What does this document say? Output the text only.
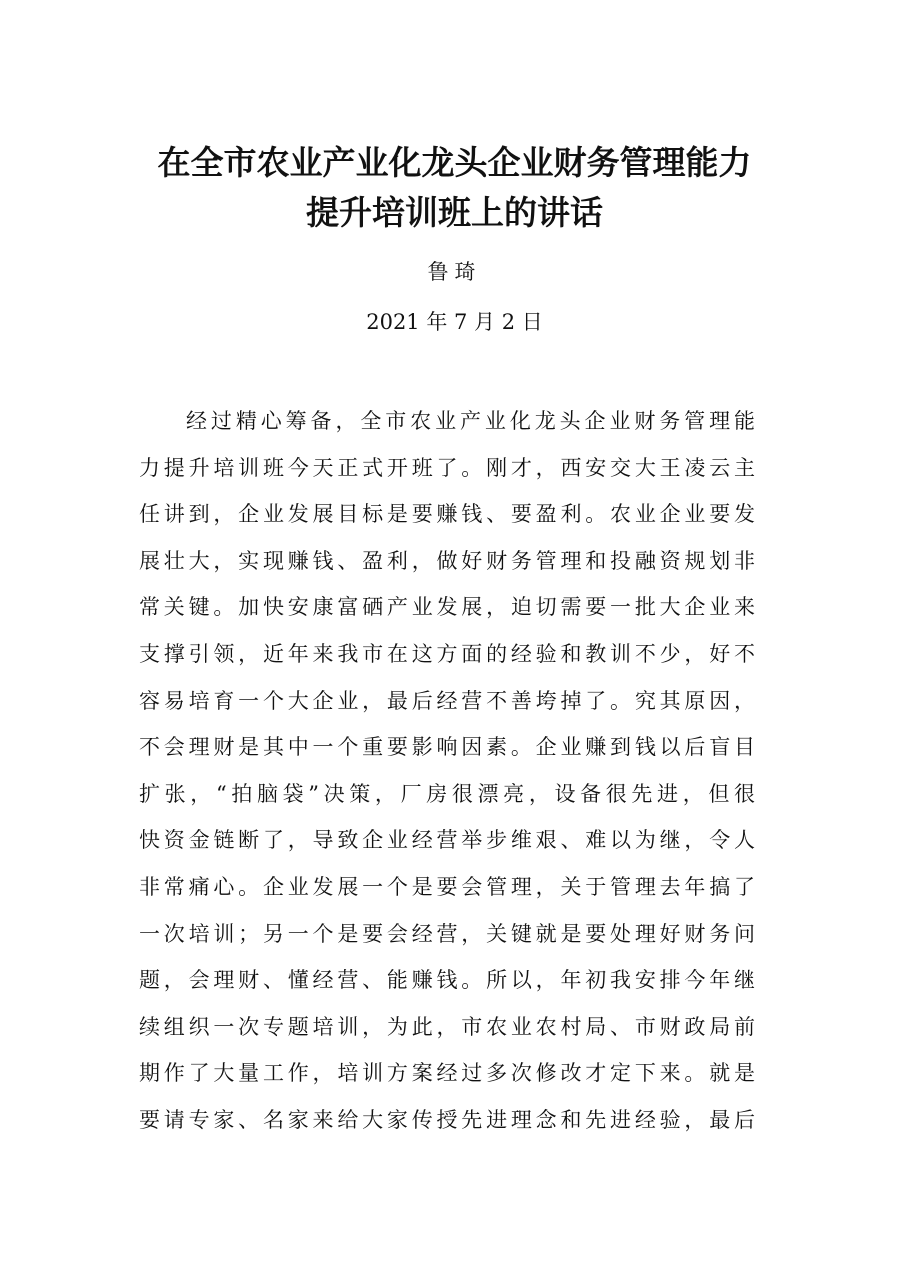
在全市农业产业化龙头企业财务管理能力
提升培训班上的讲话
鲁琦
2021 年 7 月 2 日
经过精心筹备，全市农业产业化龙头企业财务管理能
力提升培训班今天正式开班了。刚才，西安交大王凌云主
任讲到，企业发展目标是要赚钱、要盈利。农业企业要发
展壮大，实现赚钱、盈利，做好财务管理和投融资规划非
常关键。加快安康富硒产业发展，迫切需要一批大企业来
支撑引领，近年来我市在这方面的经验和教训不少，好不
容易培育一个大企业，最后经营不善垮掉了。究其原因，
不会理财是其中一个重要影响因素。企业赚到钱以后盲目
扩张，“拍脑袋”决策，厂房很漂亮，设备很先进，但很
快资金链断了，导致企业经营举步维艰、难以为继，令人
非常痛心。企业发展一个是要会管理，关于管理去年搞了
一次培训；另一个是要会经营，关键就是要处理好财务问
题，会理财、懂经营、能赚钱。所以，年初我安排今年继
续组织一次专题培训，为此，市农业农村局、市财政局前
期作了大量工作，培训方案经过多次修改才定下来。就是
要请专家、名家来给大家传授先进理念和先进经验，最后
